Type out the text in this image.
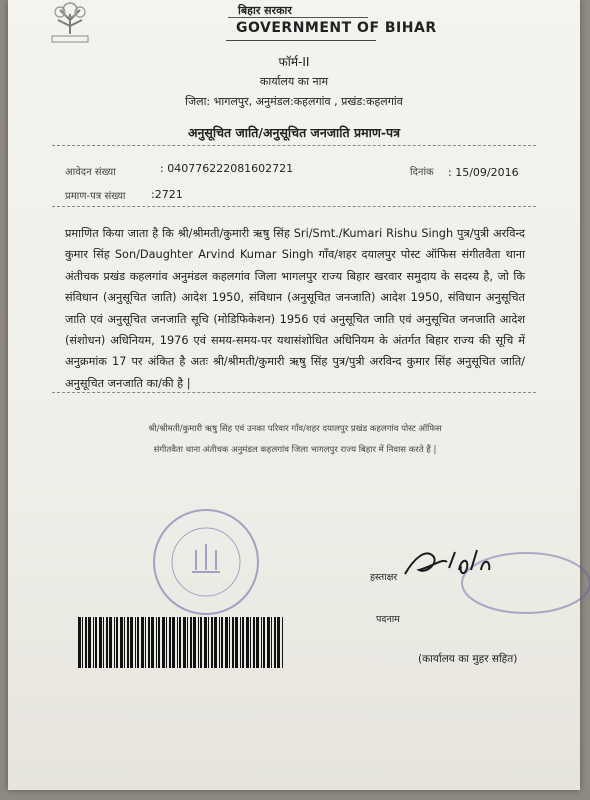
बिहार सरकार
GOVERNMENT OF BIHAR
फॉर्म-II
कार्यालय का नाम
जिला: भागलपुर, अनुमंडल:कहलगांव , प्रखंड:कहलगांव
अनुसूचित जाति/अनुसूचित जनजाति प्रमाण-पत्र
आवेदन संख्या	: 040776222081602721	दिनांक : 15/09/2016
प्रमाण-पत्र संख्या :2721
प्रमाणित किया जाता है कि श्री/श्रीमती/कुमारी ऋषु सिंह Sri/Smt./Kumari Rishu Singh पुत्र/पुत्री अरविन्द कुमार सिंह Son/Daughter Arvind Kumar Singh गाँव/शहर दयालपुर पोस्ट ऑफिस संगीतवैता थाना अंतीचक प्रखंड कहलगांव अनुमंडल कहलगांव जिला भागलपुर राज्य बिहार खरवार समुदाय के सदस्य है, जो कि संविधान (अनुसूचित जाति) आदेश 1950, संविधान (अनुसूचित जनजाति) आदेश 1950, संविधान अनुसूचित जाति एवं अनुसूचित जनजाति सूचि (मोडिफिकेशन) 1956 एवं अनुसूचित जाति एवं अनुसूचित जनजाति आदेश (संशोधन) अधिनियम, 1976 एवं समय-समय-पर यथासंशोधित अधिनियम के अंतर्गत बिहार राज्य की सूचि में अनुक्रमांक 17 पर अंकित है अतः श्री/श्रीमती/कुमारी ऋषु सिंह पुत्र/पुत्री अरविन्द कुमार सिंह अनुसूचित जाति/अनुसूचित जनजाति का/की है |
श्री/श्रीमती/कुमारी ऋषु सिंह एवं उनका परिवार गाँव/शहर दयालपुर प्रखंड कहलगांव पोस्ट ऑफिस
संगीतवैता थाना अंतीचक अनुमंडल कहलगांव जिला भागलपुर राज्य बिहार में निवास करते हैं |
हस्ताक्षर
पदनाम
(कार्यालय का मुहर सहित)
